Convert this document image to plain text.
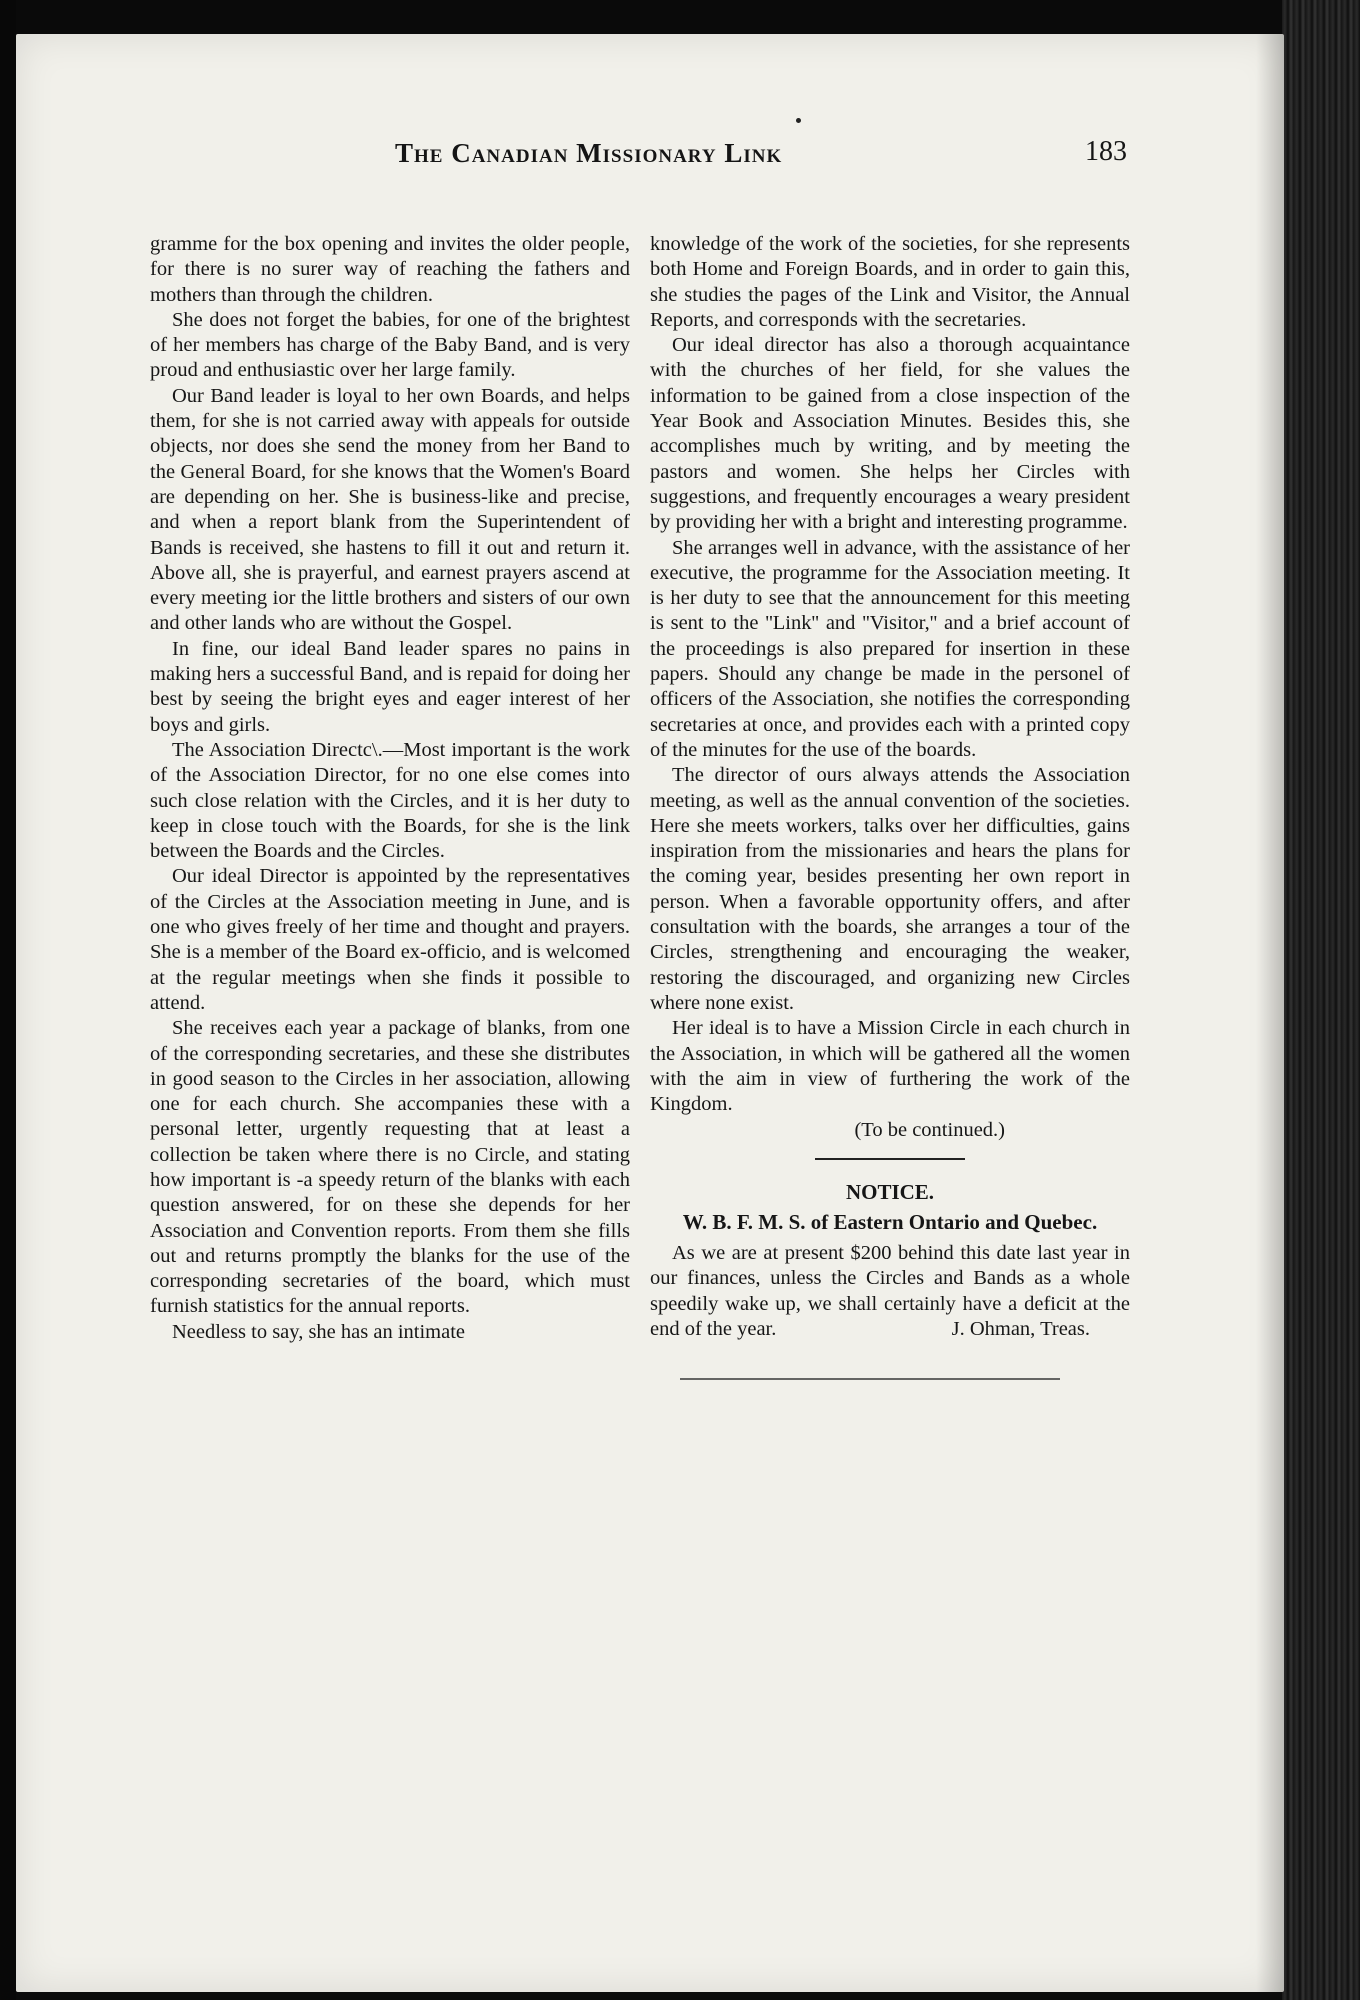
The Canadian Missionary Link	183

gramme for the box opening and invites the older people, for there is no surer way of reaching the fathers and mothers than through the children.

She does not forget the babies, for one of the brightest of her members has charge of the Baby Band, and is very proud and enthusiastic over her large family.

Our Band leader is loyal to her own Boards, and helps them, for she is not carried away with appeals for outside objects, nor does she send the money from her Band to the General Board, for she knows that the Women's Board are depending on her. She is business-like and precise, and when a report blank from the Superintendent of Bands is received, she hastens to fill it out and return it. Above all, she is prayerful, and earnest prayers ascend at every meeting ior the little brothers and sisters of our own and other lands who are without the Gospel.

In fine, our ideal Band leader spares no pains in making hers a successful Band, and is repaid for doing her best by seeing the bright eyes and eager interest of her boys and girls.

The Association Directc\.—Most important is the work of the Association Director, for no one else comes into such close relation with the Circles, and it is her duty to keep in close touch with the Boards, for she is the link between the Boards and the Circles.

Our ideal Director is appointed by the representatives of the Circles at the Association meeting in June, and is one who gives freely of her time and thought and prayers. She is a member of the Board ex-officio, and is welcomed at the regular meetings when she finds it possible to attend.

She receives each year a package of blanks, from one of the corresponding secretaries, and these she distributes in good season to the Circles in her association, allowing one for each church. She accompanies these with a personal letter, urgently requesting that at least a collection be taken where there is no Circle, and stating how important is -a speedy return of the blanks with each question answered, for on these she depends for her Association and Convention reports. From them she fills out and returns promptly the blanks for the use of the corresponding secretaries of the board, which must furnish statistics for the annual reports.

Needless to say, she has an intimate

knowledge of the work of the societies, for she represents both Home and Foreign Boards, and in order to gain this, she studies the pages of the Link and Visitor, the Annual Reports, and corresponds with the secretaries.

Our ideal director has also a thorough acquaintance with the churches of her field, for she values the information to be gained from a close inspection of the Year Book and Association Minutes. Besides this, she accomplishes much by writing, and by meeting the pastors and women. She helps her Circles with suggestions, and frequently encourages a weary president by providing her with a bright and interesting programme.

She arranges well in advance, with the assistance of her executive, the programme for the Association meeting. It is her duty to see that the announcement for this meeting is sent to the ''Link'' and ''Visitor,'' and a brief account of the proceedings is also prepared for insertion in these papers. Should any change be made in the personel of officers of the Association, she notifies the corresponding secretaries at once, and provides each with a printed copy of the minutes for the use of the boards.

The director of ours always attends the Association meeting, as well as the annual convention of the societies. Here she meets workers, talks over her difficulties, gains inspiration from the missionaries and hears the plans for the coming year, besides presenting her own report in person. When a favorable opportunity offers, and after consultation with the boards, she arranges a tour of the Circles, strengthening and encouraging the weaker, restoring the discouraged, and organizing new Circles where none exist.

Her ideal is to have a Mission Circle in each church in the Association, in which will be gathered all the women with the aim in view of furthering the work of the Kingdom.

(To be continued.)
NOTICE.
W. B. F. M. S. of Eastern Ontario and Quebec.

As we are at present $200 behind this date last year in our finances, unless the Circles and Bands as a whole speedily wake up, we shall certainly have a deficit at the end of the year.	J. Ohman, Treas.
